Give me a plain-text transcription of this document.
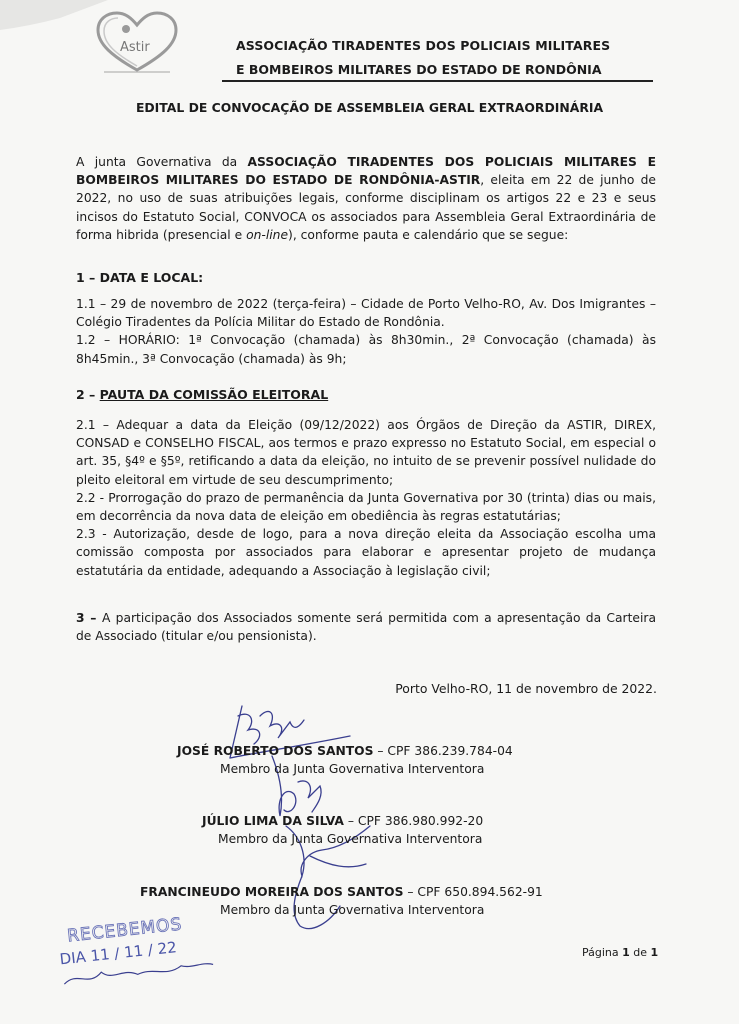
Astir	ASSOCIAÇÃO TIRADENTES DOS POLICIAIS MILITARES
E BOMBEIROS MILITARES DO ESTADO DE RONDÔNIA
EDITAL DE CONVOCAÇÃO DE ASSEMBLEIA GERAL EXTRAORDINÁRIA
A junta Governativa da ASSOCIAÇÃO TIRADENTES DOS POLICIAIS MILITARES E BOMBEIROS MILITARES DO ESTADO DE RONDÔNIA-ASTIR, eleita em 22 de junho de 2022, no uso de suas atribuições legais, conforme disciplinam os artigos 22 e 23 e seus incisos do Estatuto Social, CONVOCA os associados para Assembleia Geral Extraordinária de forma hibrida (presencial e on-line), conforme pauta e calendário que se segue:
1 – DATA E LOCAL:
1.1 – 29 de novembro de 2022 (terça-feira) – Cidade de Porto Velho-RO, Av. Dos Imigrantes – Colégio Tiradentes da Polícia Militar do Estado de Rondônia.
1.2 – HORÁRIO: 1ª Convocação (chamada) às 8h30min., 2ª Convocação (chamada) às 8h45min., 3ª Convocação (chamada) às 9h;
2 – PAUTA DA COMISSÃO ELEITORAL
2.1 – Adequar a data da Eleição (09/12/2022) aos Órgãos de Direção da ASTIR, DIREX, CONSAD e CONSELHO FISCAL, aos termos e prazo expresso no Estatuto Social, em especial o art. 35, §4º e §5º, retificando a data da eleição, no intuito de se prevenir possível nulidade do pleito eleitoral em virtude de seu descumprimento;
2.2 - Prorrogação do prazo de permanência da Junta Governativa por 30 (trinta) dias ou mais, em decorrência da nova data de eleição em obediência às regras estatutárias;
2.3 - Autorização, desde de logo, para a nova direção eleita da Associação escolha uma comissão composta por associados para elaborar e apresentar projeto de mudança estatutária da entidade, adequando a Associação à legislação civil;
3 – A participação dos Associados somente será permitida com a apresentação da Carteira de Associado (titular e/ou pensionista).
Porto Velho-RO, 11 de novembro de 2022.
JOSÉ ROBERTO DOS SANTOS – CPF 386.239.784-04
Membro da Junta Governativa Interventora
JÚLIO LIMA DA SILVA – CPF 386.980.992-20
Membro da Junta Governativa Interventora
FRANCINEUDO MOREIRA DOS SANTOS – CPF 650.894.562-91
Membro da Junta Governativa Interventora
RECEBEMOS
DIA 11 / 11 / 22	Página 1 de 1
